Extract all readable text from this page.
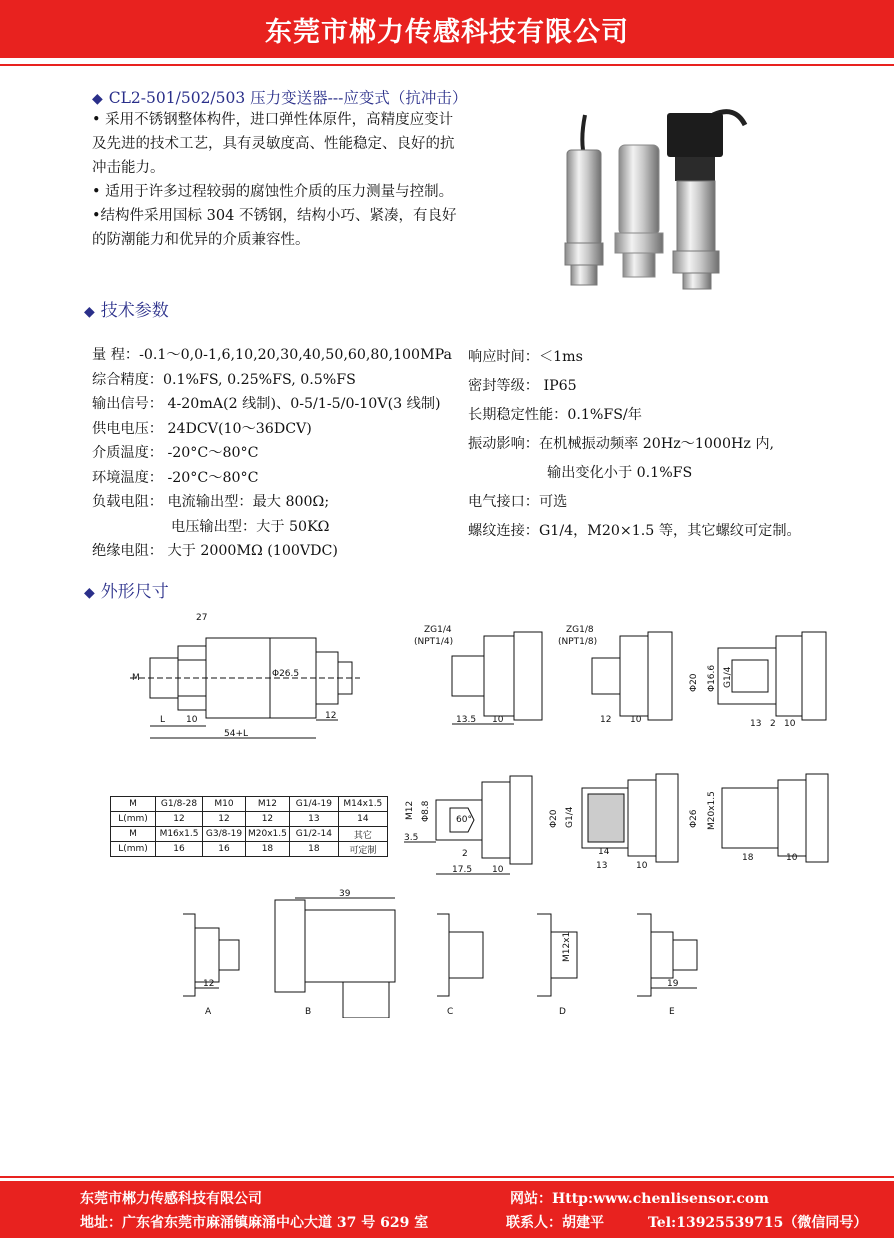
东莞市郴力传感科技有限公司
◆ CL2-501/502/503 压力变送器---应变式（抗冲击）
• 采用不锈钢整体构件，进口弹性体原件，高精度应变计
及先进的技术工艺，具有灵敏度高、性能稳定、良好的抗
冲击能力。
• 适用于许多过程较弱的腐蚀性介质的压力测量与控制。
•结构件采用国标 304 不锈钢，结构小巧、紧凑，有良好
的防潮能力和优异的介质兼容性。
◆ 技术参数
量 程：-0.1～0,0-1,6,10,20,30,40,50,60,80,100MPa
综合精度：0.1%FS, 0.25%FS, 0.5%FS
输出信号： 4-20mA(2 线制)、0-5/1-5/0-10V(3 线制)
供电电压： 24DCV(10～36DCV)
介质温度： -20°C～80°C
环境温度： -20°C～80°C
负载电阻： 电流输出型：最大 800Ω;
电压输出型：大于 50KΩ
绝缘电阻： 大于 2000MΩ (100VDC)
响应时间：＜1ms
密封等级： IP65
长期稳定性能：0.1%FS/年
振动影响：在机械振动频率 20Hz～1000Hz 内,
输出变化小于 0.1%FS
电气接口：可选
螺纹连接：G1/4，M20×1.5 等，其它螺纹可定制。
◆ 外形尺寸
27
M	Φ26.5
L 10	12
54+L
ZG1/4
(NPT1/4)
13.5 10
ZG1/8
(NPT1/8)
12 10
Φ20 Φ16.6 G1/4
13 2 10
M	G1/8-28	M10	M12	G1/4-19	M14x1.5
L(mm)	12	12	12	13	14
M	M16x1.5	G3/8-19	M20x1.5	G1/2-14	其它
L(mm)	16	16	18	18	可定制
M12 Φ8.8	60°
3.5
2
17.5 10
Φ20 G1/4
14
13	10
Φ26 M20x1.5
18	10
12
39
M12x1
19
A	B	C	D	E
东莞市郴力传感科技有限公司	网站：Http:www.chenlisensor.com
地址：广东省东莞市麻涌镇麻涌中心大道 37 号 629 室	联系人：胡建平	Tel:13925539715（微信同号）
